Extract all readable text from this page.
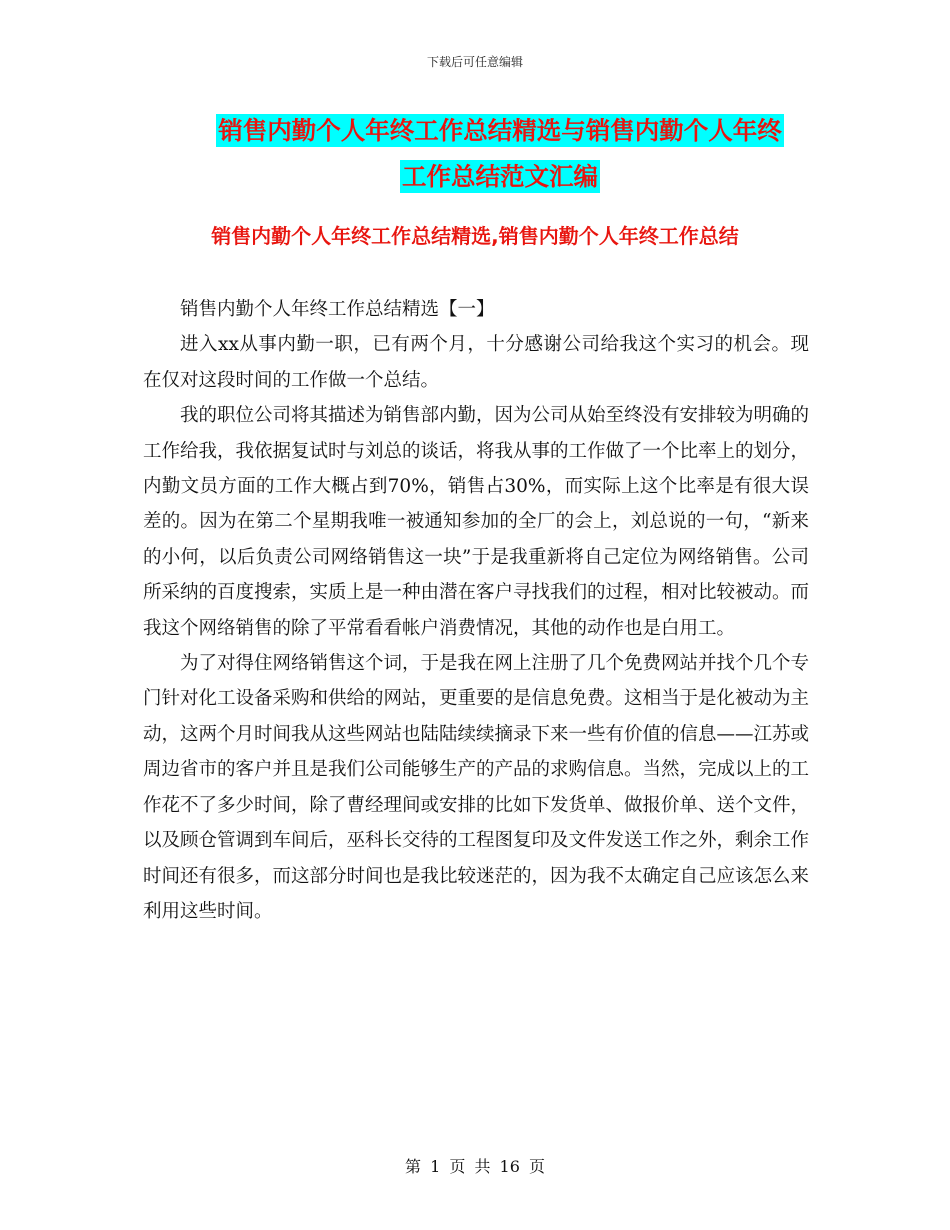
下载后可任意编辑
销售内勤个人年终工作总结精选与销售内勤个人年终
工作总结范文汇编
销售内勤个人年终工作总结精选,销售内勤个人年终工作总结

销售内勤个人年终工作总结精选【一】

进入xx从事内勤一职，已有两个月，十分感谢公司给我这个实习的机会。现在仅对这段时间的工作做一个总结。

我的职位公司将其描述为销售部内勤，因为公司从始至终没有安排较为明确的工作给我，我依据复试时与刘总的谈话，将我从事的工作做了一个比率上的划分，内勤文员方面的工作大概占到70%，销售占30%，而实际上这个比率是有很大误差的。因为在第二个星期我唯一被通知参加的全厂的会上，刘总说的一句，“新来的小何，以后负责公司网络销售这一块”于是我重新将自己定位为网络销售。公司所采纳的百度搜索，实质上是一种由潜在客户寻找我们的过程，相对比较被动。而我这个网络销售的除了平常看看帐户消费情况，其他的动作也是白用工。

为了对得住网络销售这个词，于是我在网上注册了几个免费网站并找个几个专门针对化工设备采购和供给的网站，更重要的是信息免费。这相当于是化被动为主动，这两个月时间我从这些网站也陆陆续续摘录下来一些有价值的信息——江苏或周边省市的客户并且是我们公司能够生产的产品的求购信息。当然，完成以上的工作花不了多少时间，除了曹经理间或安排的比如下发货单、做报价单、送个文件，以及顾仓管调到车间后，巫科长交待的工程图复印及文件发送工作之外，剩余工作时间还有很多，而这部分时间也是我比较迷茫的，因为我不太确定自己应该怎么来利用这些时间。

第 1 页 共 16 页
